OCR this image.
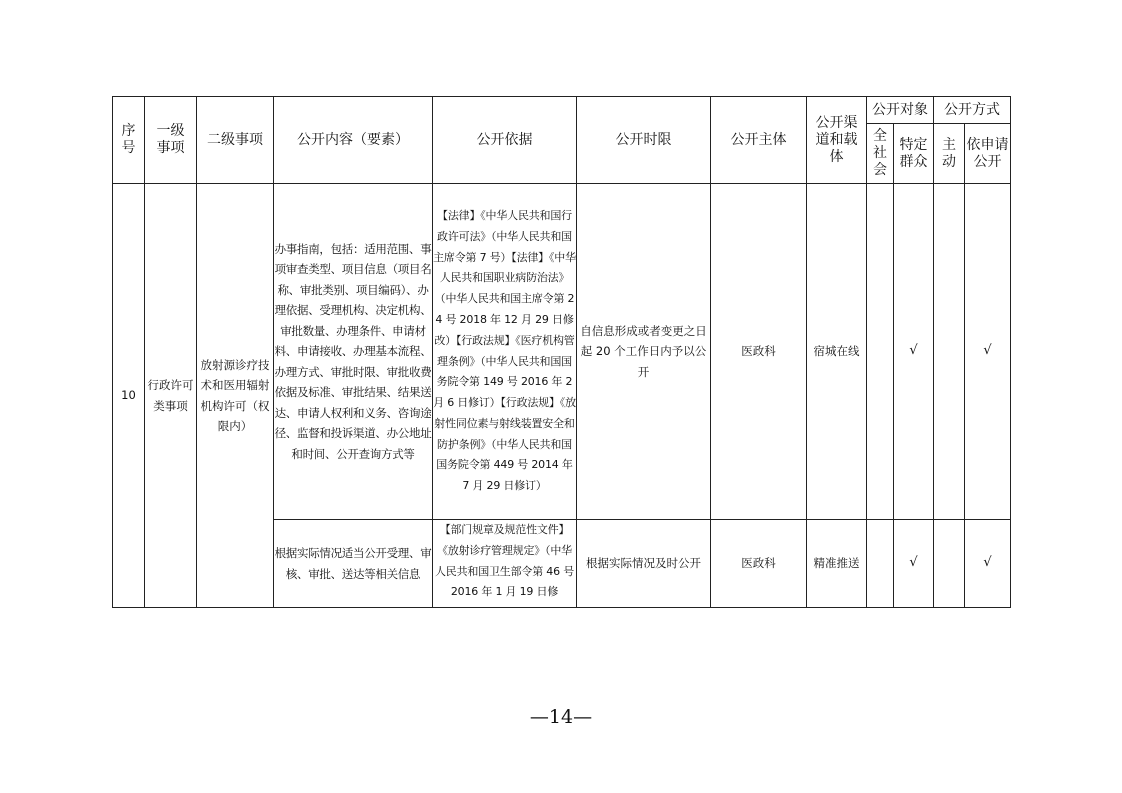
序号	一级事项	二级事项	公开内容（要素）	公开依据	公开时限	公开主体	公开渠道和载体	公开对象		公开方式	
								全社会	特定群众	主动	依申请公开
10	行政许可类事项	放射源诊疗技术和医用辐射机构许可（权限内）	办事指南，包括：适用范围、事项审查类型、项目信息（项目名称、审批类别、项目编码）、办理依据、受理机构、决定机构、审批数量、办理条件、申请材料、申请接收、办理基本流程、办理方式、审批时限、审批收费依据及标准、审批结果、结果送达、申请人权利和义务、咨询途径、监督和投诉渠道、办公地址和时间、公开查询方式等	【法律】《中华人民共和国行政许可法》（中华人民共和国主席令第 7 号）【法律】《中华人民共和国职业病防治法》（中华人民共和国主席令第 24 号 2018 年 12 月 29 日修改）【行政法规】《医疗机构管理条例》（中华人民共和国国务院令第 149 号 2016 年 2 月 6 日修订）【行政法规】《放射性同位素与射线装置安全和防护条例》（中华人民共和国国务院令第 449 号 2014 年 7 月 29 日修订）	自信息形成或者变更之日起 20 个工作日内予以公开	医政科	宿城在线		√		√
			根据实际情况适当公开受理、审核、审批、送达等相关信息	【部门规章及规范性文件】《放射诊疗管理规定》（中华人民共和国卫生部令第 46 号 2016 年 1 月 19 日修	根据实际情况及时公开	医政科	精准推送		√		√
—14—
